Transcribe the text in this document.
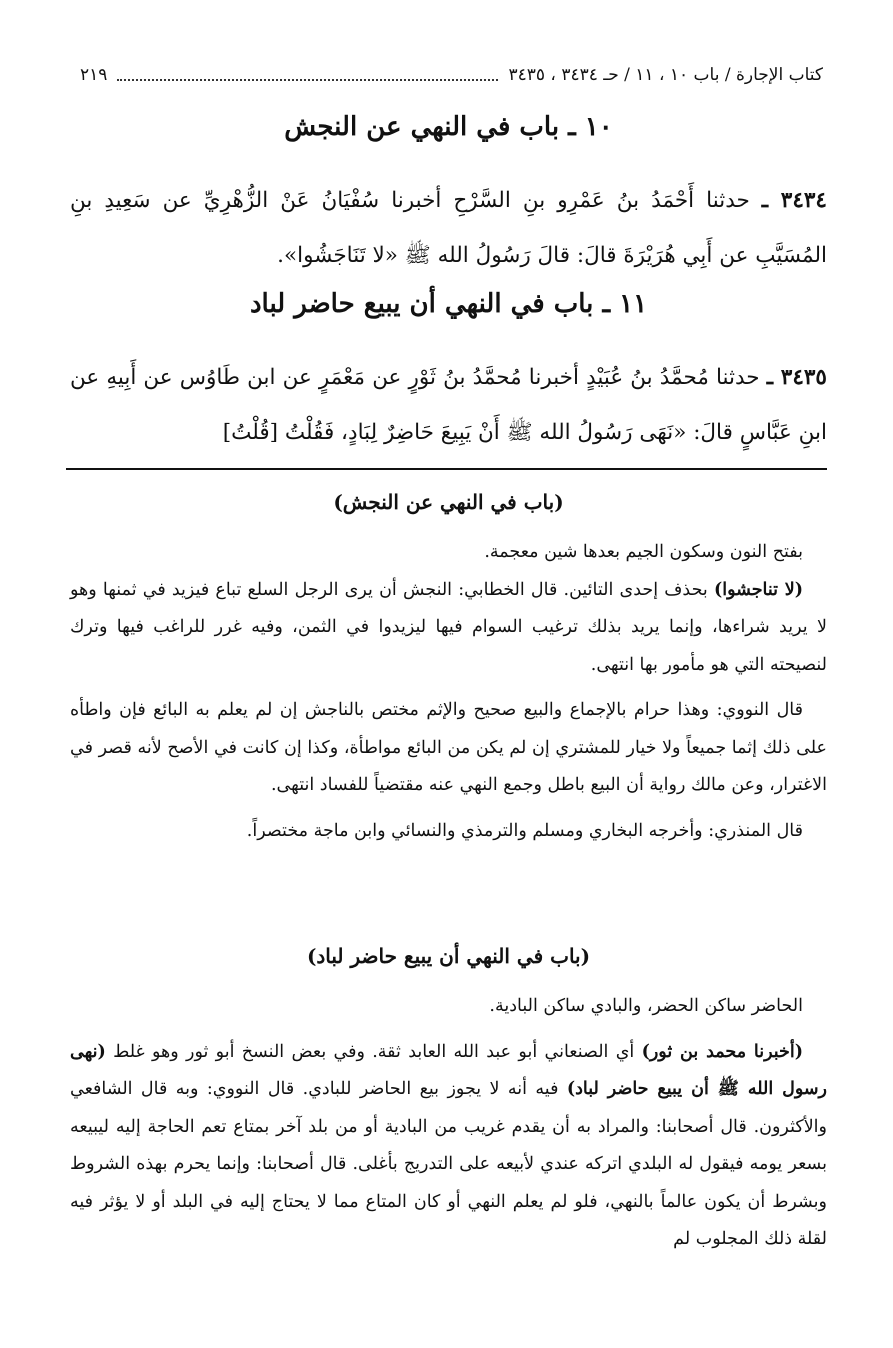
كتاب الإجارة / باب ١٠ ، ١١ / حـ ٣٤٣٤ ، ٣٤٣٥
٢١٩
١٠ ـ باب في النهي عن النجش

٣٤٣٤ ـ حدثنا أَحْمَدُ بنُ عَمْرِو بنِ السَّرْحِ أخبرنا سُفْيَانُ عَنْ الزُّهْرِيِّ عن سَعِيدِ بنِ المُسَيَّبِ عن أَبِي هُرَيْرَةَ قالَ: قالَ رَسُولُ الله ﷺ «لا تَنَاجَشُوا».

١١ ـ باب في النهي أن يبيع حاضر لباد

٣٤٣٥ ـ حدثنا مُحمَّدُ بنُ عُبَيْدٍ أخبرنا مُحمَّدُ بنُ ثَوْرٍ عن مَعْمَرٍ عن ابن طَاوُس عن أَبِيهِ عن ابنِ عَبَّاسٍ قالَ: «نَهَى رَسُولُ الله ﷺ أَنْ يَبِيعَ حَاضِرٌ لِبَادٍ، فَقُلْتُ [قُلْتُ]

(باب في النهي عن النجش)

بفتح النون وسكون الجيم بعدها شين معجمة.

(لا تناجشوا) بحذف إحدى التائين. قال الخطابي: النجش أن يرى الرجل السلع تباع فيزيد في ثمنها وهو لا يريد شراءها، وإنما يريد بذلك ترغيب السوام فيها ليزيدوا في الثمن، وفيه غرر للراغب فيها وترك لنصيحته التي هو مأمور بها انتهى.

قال النووي: وهذا حرام بالإجماع والبيع صحيح والإثم مختص بالناجش إن لم يعلم به البائع فإن واطأه على ذلك إثما جميعاً ولا خيار للمشتري إن لم يكن من البائع مواطأة، وكذا إن كانت في الأصح لأنه قصر في الاغترار، وعن مالك رواية أن البيع باطل وجمع النهي عنه مقتضياً للفساد انتهى.

قال المنذري: وأخرجه البخاري ومسلم والترمذي والنسائي وابن ماجة مختصراً.

(باب في النهي أن يبيع حاضر لباد)

الحاضر ساكن الحضر، والبادي ساكن البادية.

(أخبرنا محمد بن ثور) أي الصنعاني أبو عبد الله العابد ثقة. وفي بعض النسخ أبو ثور وهو غلط (نهى رسول الله ﷺ أن يبيع حاضر لباد) فيه أنه لا يجوز بيع الحاضر للبادي. قال النووي: وبه قال الشافعي والأكثرون. قال أصحابنا: والمراد به أن يقدم غريب من البادية أو من بلد آخر بمتاع تعم الحاجة إليه ليبيعه بسعر يومه فيقول له البلدي اتركه عندي لأبيعه على التدريج بأغلى. قال أصحابنا: وإنما يحرم بهذه الشروط وبشرط أن يكون عالماً بالنهي، فلو لم يعلم النهي أو كان المتاع مما لا يحتاج إليه في البلد أو لا يؤثر فيه لقلة ذلك المجلوب لم
